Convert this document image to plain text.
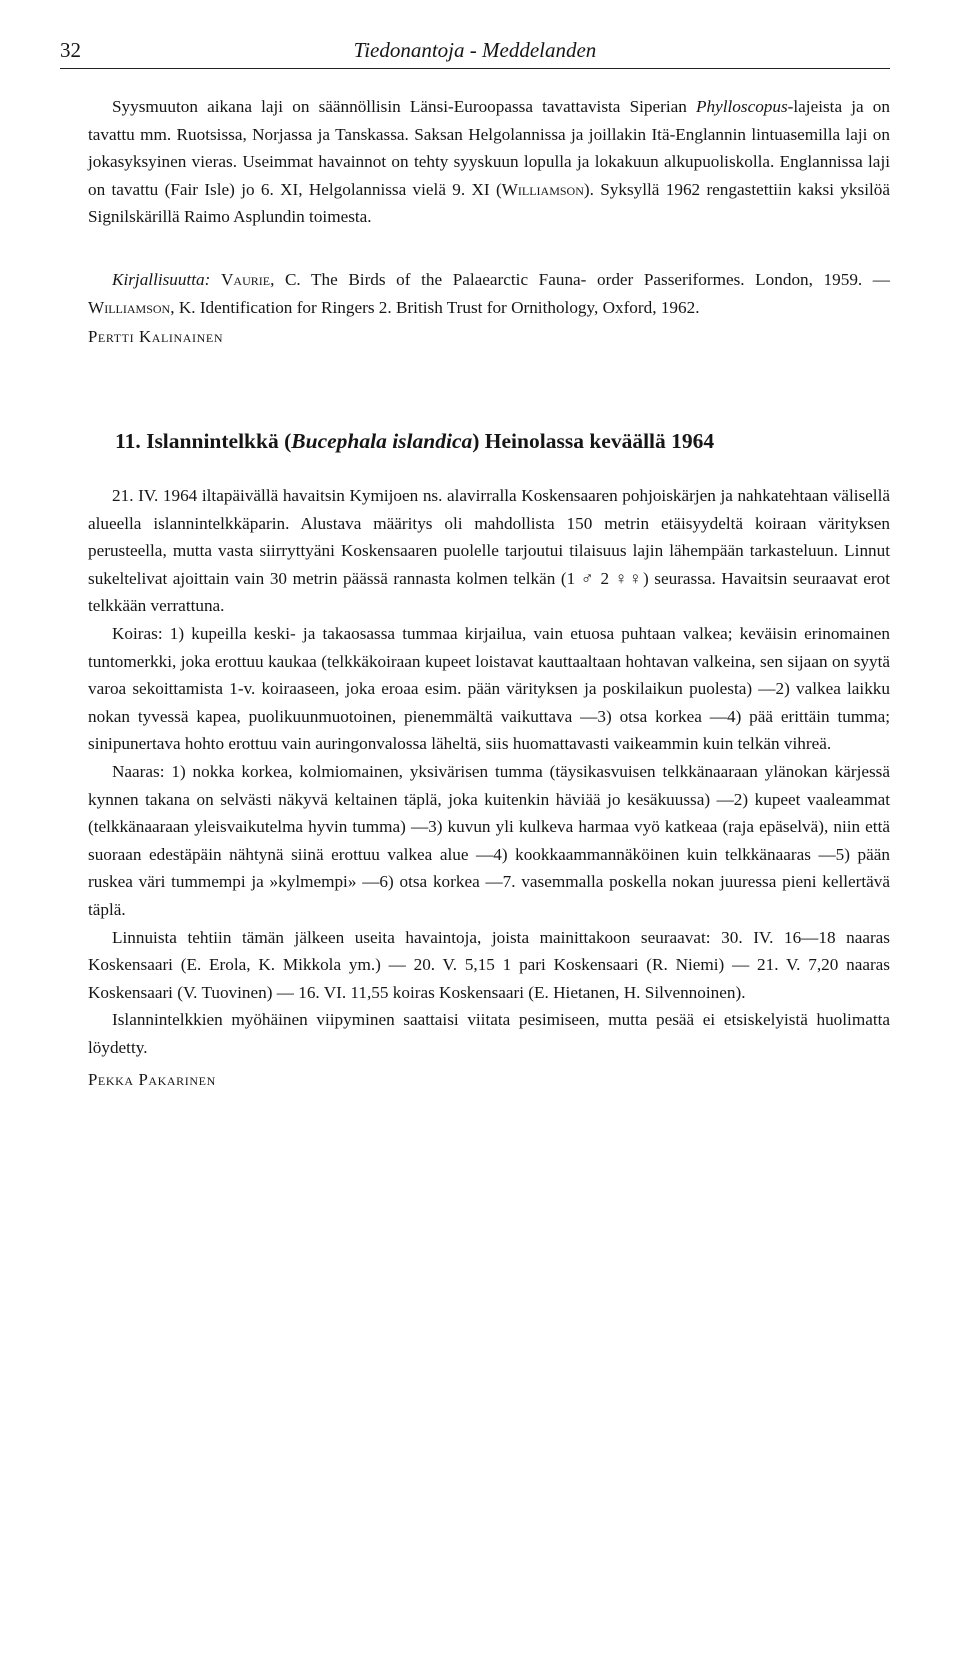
32	Tiedonantoja - Meddelanden

Syysmuuton aikana laji on säännöllisin Länsi-Euroopassa tavattavista Siperian Phylloscopus-lajeista ja on tavattu mm. Ruotsissa, Norjassa ja Tanskassa. Saksan Helgolannissa ja joillakin Itä-Englannin lintuasemilla laji on jokasyksyinen vieras. Useimmat havainnot on tehty syyskuun lopulla ja lokakuun alkupuoliskolla. Englannissa laji on tavattu (Fair Isle) jo 6. XI, Helgolannissa vielä 9. XI (Williamson). Syksyllä 1962 rengastettiin kaksi yksilöä Signilskärillä Raimo Asplundin toimesta.

Kirjallisuutta: Vaurie, C. The Birds of the Palaearctic Fauna- order Passeriformes. London, 1959. — Williamson, K. Identification for Ringers 2. British Trust for Ornithology, Oxford, 1962.

Pertti Kalinainen

11. Islannintelkkä (Bucephala islandica) Heinolassa keväällä 1964

21. IV. 1964 iltapäivällä havaitsin Kymijoen ns. alavirralla Koskensaaren pohjoiskärjen ja nahkatehtaan välisellä alueella islannintelkkäparin. Alustava määritys oli mahdollista 150 metrin etäisyydeltä koiraan värityksen perusteella, mutta vasta siirryttyäni Koskensaaren puolelle tarjoutui tilaisuus lajin lähempään tarkasteluun. Linnut sukeltelivat ajoittain vain 30 metrin päässä rannasta kolmen telkän (1 ♂ 2 ♀♀) seurassa. Havaitsin seuraavat erot telkkään verrattuna.

Koiras: 1) kupeilla keski- ja takaosassa tummaa kirjailua, vain etuosa puhtaan valkea; keväisin erinomainen tuntomerkki, joka erottuu kaukaa (telkkäkoiraan kupeet loistavat kauttaaltaan hohtavan valkeina, sen sijaan on syytä varoa sekoittamista 1-v. koiraaseen, joka eroaa esim. pään värityksen ja poskilaikun puolesta) —2) valkea laikku nokan tyvessä kapea, puolikuunmuotoinen, pienemmältä vaikuttava —3) otsa korkea —4) pää erittäin tumma; sinipunertava hohto erottuu vain auringonvalossa läheltä, siis huomattavasti vaikeammin kuin telkän vihreä.

Naaras: 1) nokka korkea, kolmiomainen, yksivärisen tumma (täysikasvuisen telkkänaaraan ylänokan kärjessä kynnen takana on selvästi näkyvä keltainen täplä, joka kuitenkin häviää jo kesäkuussa) —2) kupeet vaaleammat (telkkänaaraan yleisvaikutelma hyvin tumma) —3) kuvun yli kulkeva harmaa vyö katkeaa (raja epäselvä), niin että suoraan edestäpäin nähtynä siinä erottuu valkea alue —4) kookkaammannäköinen kuin telkkänaaras —5) pään ruskea väri tummempi ja »kylmempi» —6) otsa korkea —7. vasemmalla poskella nokan juuressa pieni kellertävä täplä.

Linnuista tehtiin tämän jälkeen useita havaintoja, joista mainittakoon seuraavat: 30. IV. 16—18 naaras Koskensaari (E. Erola, K. Mikkola ym.) — 20. V. 5,15 1 pari Koskensaari (R. Niemi) — 21. V. 7,20 naaras Koskensaari (V. Tuovinen) — 16. VI. 11,55 koiras Koskensaari (E. Hietanen, H. Silvennoinen).

Islannintelkkien myöhäinen viipyminen saattaisi viitata pesimiseen, mutta pesää ei etsiskelyistä huolimatta löydetty.

Pekka Pakarinen
